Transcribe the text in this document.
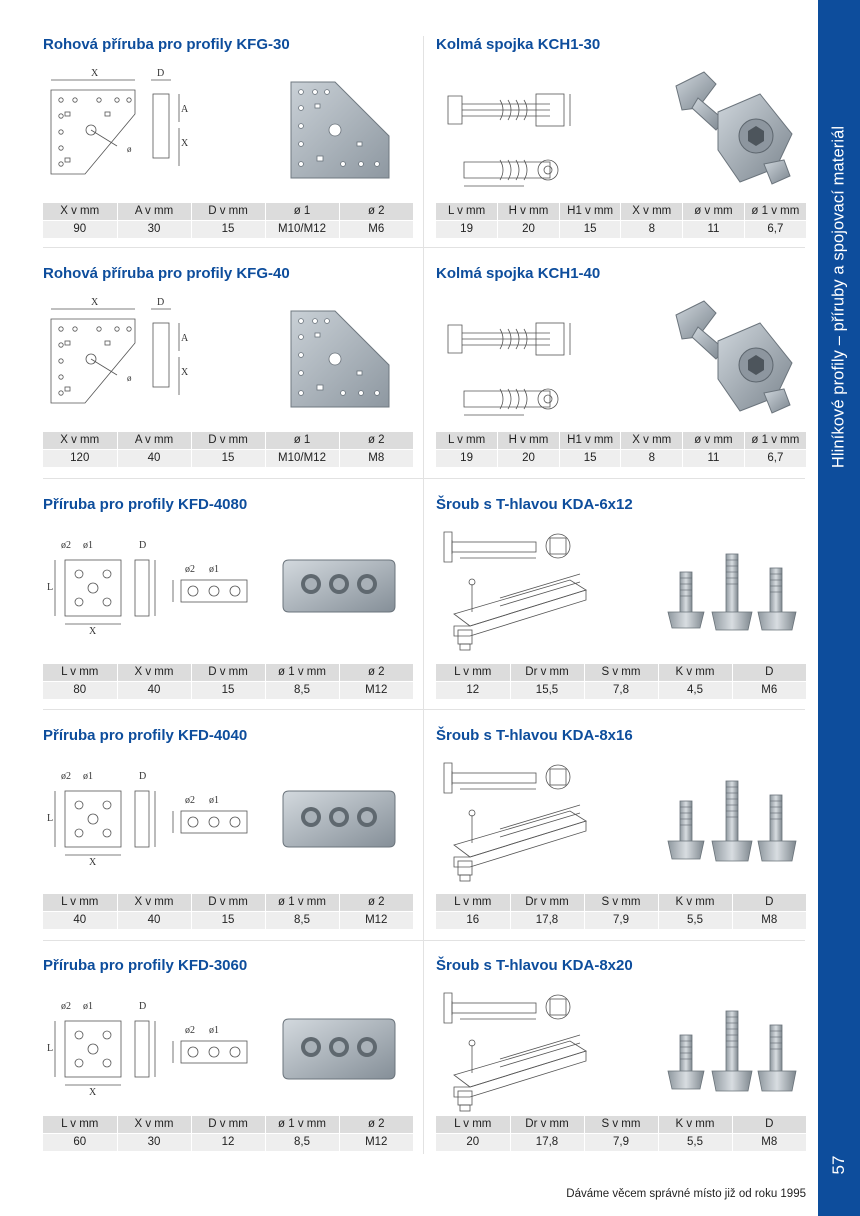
Hliníkové profily – příruby a spojovací materiál
57
Dáváme věcem správné místo již od roku 1995
Rohová příruba pro profily KFG-30
X	D
A
X
ø
X v mm	A v mm	D v mm	ø 1	ø 2
90	30	15	M10/M12	M6
Kolmá spojka KCH1-30
L v mm	H v mm	H1 v mm	X v mm	ø v mm	ø 1 v mm
19	20	15	8	11	6,7
Rohová příruba pro profily KFG-40
X	D
A
X
ø
X v mm	A v mm	D v mm	ø 1	ø 2
120	40	15	M10/M12	M8
Kolmá spojka KCH1-40
L v mm	H v mm	H1 v mm	X v mm	ø v mm	ø 1 v mm
19	20	15	8	11	6,7
Příruba pro profily KFD-4080
ø2 ø1	D
X
L
ø2 ø1
L v mm	X v mm	D v mm	ø 1 v mm	ø 2
80	40	15	8,5	M12
Šroub s T-hlavou KDA-6x12
L v mm	Dr v mm	S v mm	K v mm	D
12	15,5	7,8	4,5	M6
Příruba pro profily KFD-4040
ø2 ø1	D
X
L
ø2 ø1
L v mm	X v mm	D v mm	ø 1 v mm	ø 2
40	40	15	8,5	M12
Šroub s T-hlavou KDA-8x16
L v mm	Dr v mm	S v mm	K v mm	D
16	17,8	7,9	5,5	M8
Příruba pro profily KFD-3060
ø2 ø1	D
X
L
ø2 ø1
L v mm	X v mm	D v mm	ø 1 v mm	ø 2
60	30	12	8,5	M12
Šroub s T-hlavou KDA-8x20
L v mm	Dr v mm	S v mm	K v mm	D
20	17,8	7,9	5,5	M8
